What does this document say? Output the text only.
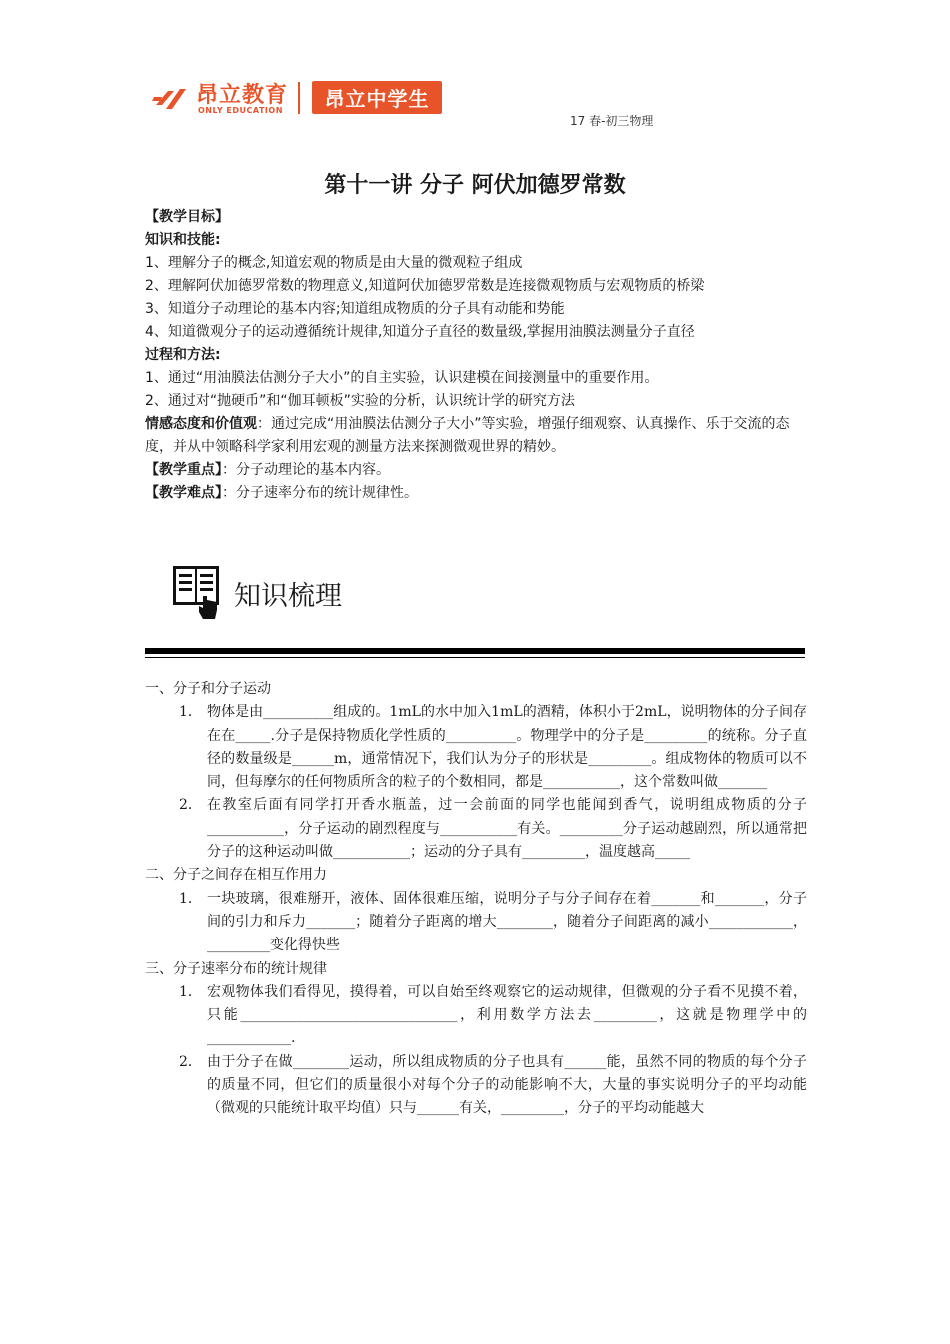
昂立教育
ONLY EDUCATION	昂立中学生
17 春-初三物理
第十一讲 分子 阿伏加德罗常数

【教学目标】

知识和技能:

1、理解分子的概念,知道宏观的物质是由大量的微观粒子组成

2、理解阿伏加德罗常数的物理意义,知道阿伏加德罗常数是连接微观物质与宏观物质的桥梁

3、知道分子动理论的基本内容;知道组成物质的分子具有动能和势能

4、知道微观分子的运动遵循统计规律,知道分子直径的数量级,掌握用油膜法测量分子直径

过程和方法:

1、通过“用油膜法估测分子大小”的自主实验，认识建模在间接测量中的重要作用。

2、通过对“抛硬币”和“伽耳顿板”实验的分析，认识统计学的研究方法

情感态度和价值观：通过完成“用油膜法估测分子大小”等实验，增强仔细观察、认真操作、乐于交流的态度，并从中领略科学家利用宏观的测量方法来探测微观世界的精妙。

【教学重点】：分子动理论的基本内容。

【教学难点】：分子速率分布的统计规律性。

知识梳理

一、分子和分子运动

1． 物体是由__________组成的。1mL的水中加入1mL的酒精，体积小于2mL，说明物体的分子间存在在_____.分子是保持物质化学性质的__________。物理学中的分子是_________的统称。分子直径的数量级是______m，通常情况下，我们认为分子的形状是_________。组成物体的物质可以不同，但每摩尔的任何物质所含的粒子的个数相同，都是___________，这个常数叫做_______

2． 在教室后面有同学打开香水瓶盖，过一会前面的同学也能闻到香气，说明组成物质的分子___________，分子运动的剧烈程度与___________有关。_________分子运动越剧烈，所以通常把分子的这种运动叫做___________；运动的分子具有_________，温度越高_____

二、分子之间存在相互作用力

1． 一块玻璃，很难掰开，液体、固体很难压缩，说明分子与分子间存在着_______和_______，分子间的引力和斥力_______；随着分子距离的增大________，随着分子间距离的减小____________，_________变化得快些

三、分子速率分布的统计规律

1． 宏观物体我们看得见，摸得着，可以自始至终观察它的运动规律，但微观的分子看不见摸不着，只能_______________________________，利用数学方法去_________，这就是物理学中的____________.

2． 由于分子在做________运动，所以组成物质的分子也具有______能，虽然不同的物质的每个分子的质量不同，但它们的质量很小对每个分子的动能影响不大，大量的事实说明分子的平均动能（微观的只能统计取平均值）只与______有关，_________，分子的平均动能越大
